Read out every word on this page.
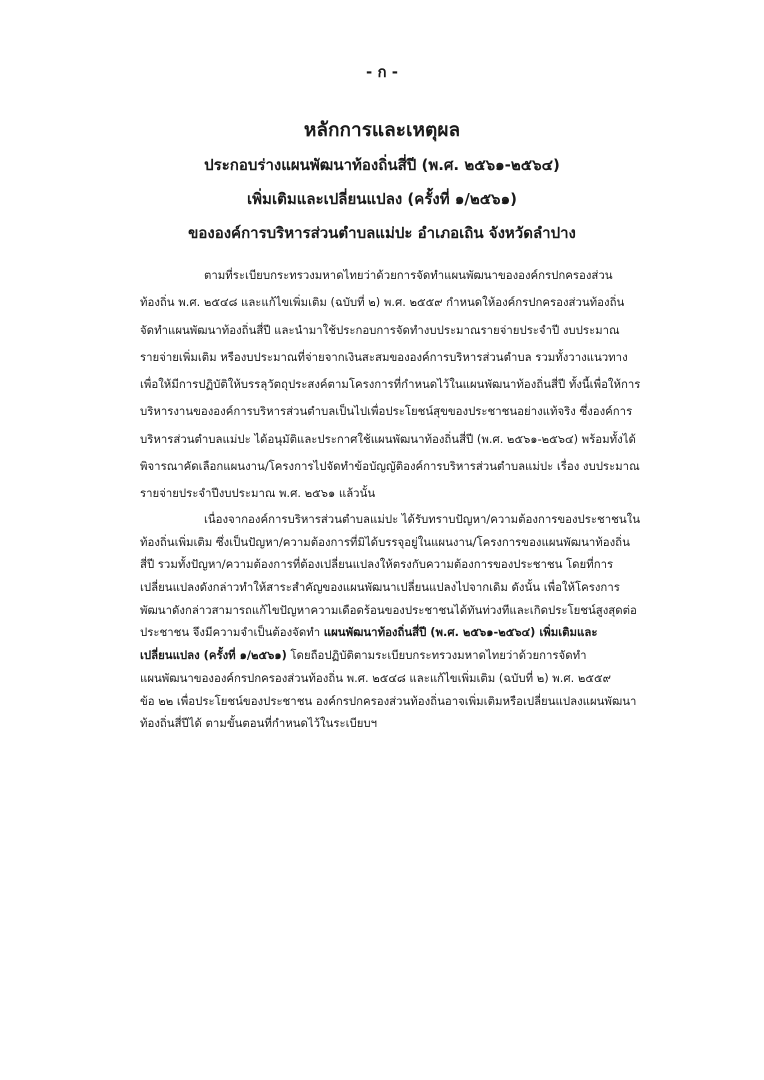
- ก -
หลักการและเหตุผล
ประกอบร่างแผนพัฒนาท้องถิ่นสี่ปี (พ.ศ. ๒๕๖๑-๒๕๖๔)
เพิ่มเติมและเปลี่ยนแปลง (ครั้งที่ ๑/๒๕๖๑)
ขององค์การบริหารส่วนตำบลแม่ปะ อำเภอเถิน จังหวัดลำปาง
ตามที่ระเบียบกระทรวงมหาดไทยว่าด้วยการจัดทำแผนพัฒนาขององค์กรปกครองส่วน
ท้องถิ่น พ.ศ. ๒๕๔๘ และแก้ไขเพิ่มเติม (ฉบับที่ ๒) พ.ศ. ๒๕๕๙ กำหนดให้องค์กรปกครองส่วนท้องถิ่น
จัดทำแผนพัฒนาท้องถิ่นสี่ปี และนำมาใช้ประกอบการจัดทำงบประมาณรายจ่ายประจำปี งบประมาณ
รายจ่ายเพิ่มเติม หรืองบประมาณที่จ่ายจากเงินสะสมขององค์การบริหารส่วนตำบล รวมทั้งวางแนวทาง
เพื่อให้มีการปฏิบัติให้บรรลุวัตถุประสงค์ตามโครงการที่กำหนดไว้ในแผนพัฒนาท้องถิ่นสี่ปี ทั้งนี้เพื่อให้การ
บริหารงานขององค์การบริหารส่วนตำบลเป็นไปเพื่อประโยชน์สุขของประชาชนอย่างแท้จริง ซึ่งองค์การ
บริหารส่วนตำบลแม่ปะ ได้อนุมัติและประกาศใช้แผนพัฒนาท้องถิ่นสี่ปี (พ.ศ. ๒๕๖๑-๒๕๖๔) พร้อมทั้งได้
พิจารณาคัดเลือกแผนงาน/โครงการไปจัดทำข้อบัญญัติองค์การบริหารส่วนตำบลแม่ปะ เรื่อง งบประมาณ
รายจ่ายประจำปีงบประมาณ พ.ศ. ๒๕๖๑ แล้วนั้น
เนื่องจากองค์การบริหารส่วนตำบลแม่ปะ ได้รับทราบปัญหา/ความต้องการของประชาชนใน
ท้องถิ่นเพิ่มเติม ซึ่งเป็นปัญหา/ความต้องการที่มิได้บรรจุอยู่ในแผนงาน/โครงการของแผนพัฒนาท้องถิ่น
สี่ปี รวมทั้งปัญหา/ความต้องการที่ต้องเปลี่ยนแปลงให้ตรงกับความต้องการของประชาชน โดยที่การ
เปลี่ยนแปลงดังกล่าวทำให้สาระสำคัญของแผนพัฒนาเปลี่ยนแปลงไปจากเดิม ดังนั้น เพื่อให้โครงการ
พัฒนาดังกล่าวสามารถแก้ไขปัญหาความเดือดร้อนของประชาชนได้ทันท่วงทีและเกิดประโยชน์สูงสุดต่อ
ประชาชน จึงมีความจำเป็นต้องจัดทำ แผนพัฒนาท้องถิ่นสี่ปี (พ.ศ. ๒๕๖๑-๒๕๖๔) เพิ่มเติมและ
เปลี่ยนแปลง (ครั้งที่ ๑/๒๕๖๑) โดยถือปฏิบัติตามระเบียบกระทรวงมหาดไทยว่าด้วยการจัดทำ
แผนพัฒนาขององค์กรปกครองส่วนท้องถิ่น พ.ศ. ๒๕๔๘ และแก้ไขเพิ่มเติม (ฉบับที่ ๒) พ.ศ. ๒๕๕๙
ข้อ ๒๒ เพื่อประโยชน์ของประชาชน องค์กรปกครองส่วนท้องถิ่นอาจเพิ่มเติมหรือเปลี่ยนแปลงแผนพัฒนา
ท้องถิ่นสี่ปีได้ ตามขั้นตอนที่กำหนดไว้ในระเบียบฯ
